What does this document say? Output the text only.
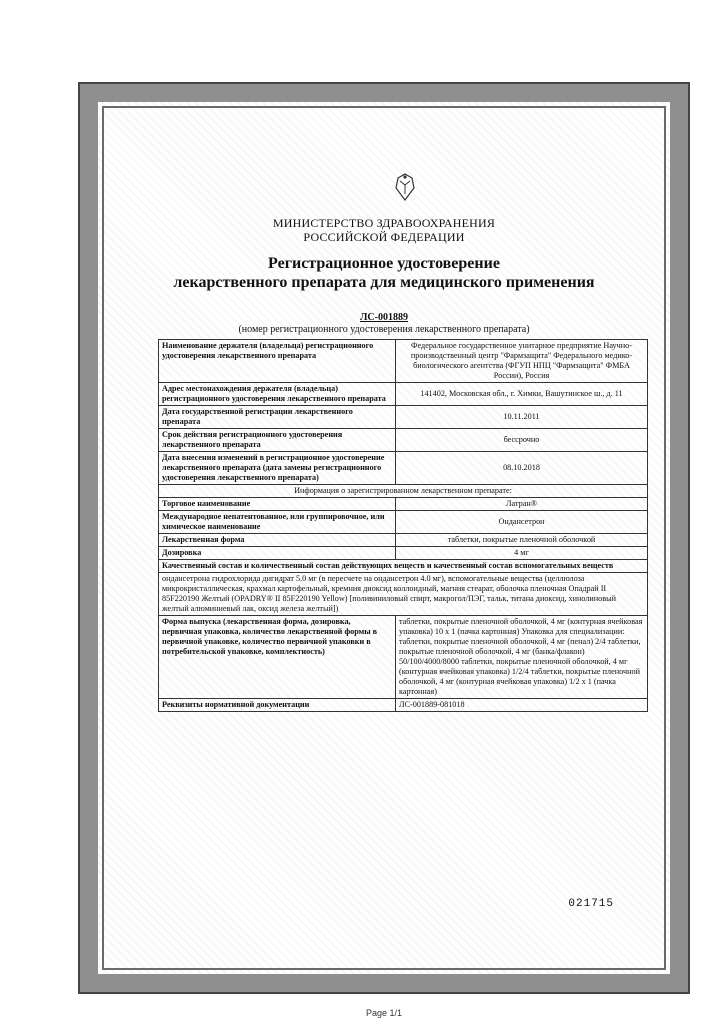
МИНИСТЕРСТВО ЗДРАВООХРАНЕНИЯ
РОССИЙСКОЙ ФЕДЕРАЦИИ
Регистрационное удостоверение
лекарственного препарата для медицинского применения
ЛС-001889
(номер регистрационного удостоверения лекарственного препарата)
Наименование держателя (владельца) регистрационного удостоверения лекарственного препарата	Федеральное государственное унитарное предприятие Научно-производственный центр "Фармзащита" Федерального медико-биологического агентства (ФГУП НПЦ "Фармзащита" ФМБА России), Россия
Адрес местонахождения держателя (владельца) регистрационного удостоверения лекарственного препарата	141402, Московская обл., г. Химки, Вашутинское ш., д. 11
Дата государственной регистрации лекарственного препарата	10.11.2011
Срок действия регистрационного удостоверения лекарственного препарата	бессрочно
Дата внесения изменений в регистрационное удостоверение лекарственного препарата (дата замены регистрационного удостоверения лекарственного препарата)	08.10.2018
Информация о зарегистрированном лекарственном препарате:	
Торговое наименование	Латран®
Международное непатентованное, или группировочное, или химическое наименование	Ондансетрон
Лекарственная форма	таблетки, покрытые пленочной оболочкой
Дозировка	4 мг
Качественный состав и количественный состав действующих веществ и качественный состав вспомогательных веществ	
ондансетрона гидрохлорида дигидрат 5.0 мг (в пересчете на ондансетрон 4.0 мг), вспомогательные вещества (целлюлоза микрокристаллическая, крахмал картофельный, кремния диоксид коллоидный, магния стеарат, оболочка пленочная Опадрай II 85F220190 Желтый (OPADRY® II 85F220190 Yellow) [поливиниловый спирт, макрогол/ПЭГ, тальк, титана диоксид, хинолиновый желтый алюминиевый лак, оксид железа желтый])	
Форма выпуска (лекарственная форма, дозировка, первичная упаковка, количество лекарственной формы в первичной упаковке, количество первичной упаковки в потребительской упаковке, комплектность)	таблетки, покрытые пленочной оболочкой, 4 мг (контурная ячейковая упаковка) 10 x 1 (пачка картонная) Упаковка для специализации: таблетки, покрытые пленочной оболочкой, 4 мг (пенал) 2/4 таблетки, покрытые пленочной оболочкой, 4 мг (банка/флакон) 50/100/4000/8000 таблетки, покрытые пленочной оболочкой, 4 мг (контурная ячейковая упаковка) 1/2/4 таблетки, покрытые пленочной оболочкой, 4 мг (контурная ячейковая упаковка) 1/2 x 1 (пачка картонная)
Реквизиты нормативной документации	ЛС-001889-081018
021715
Page 1/1
